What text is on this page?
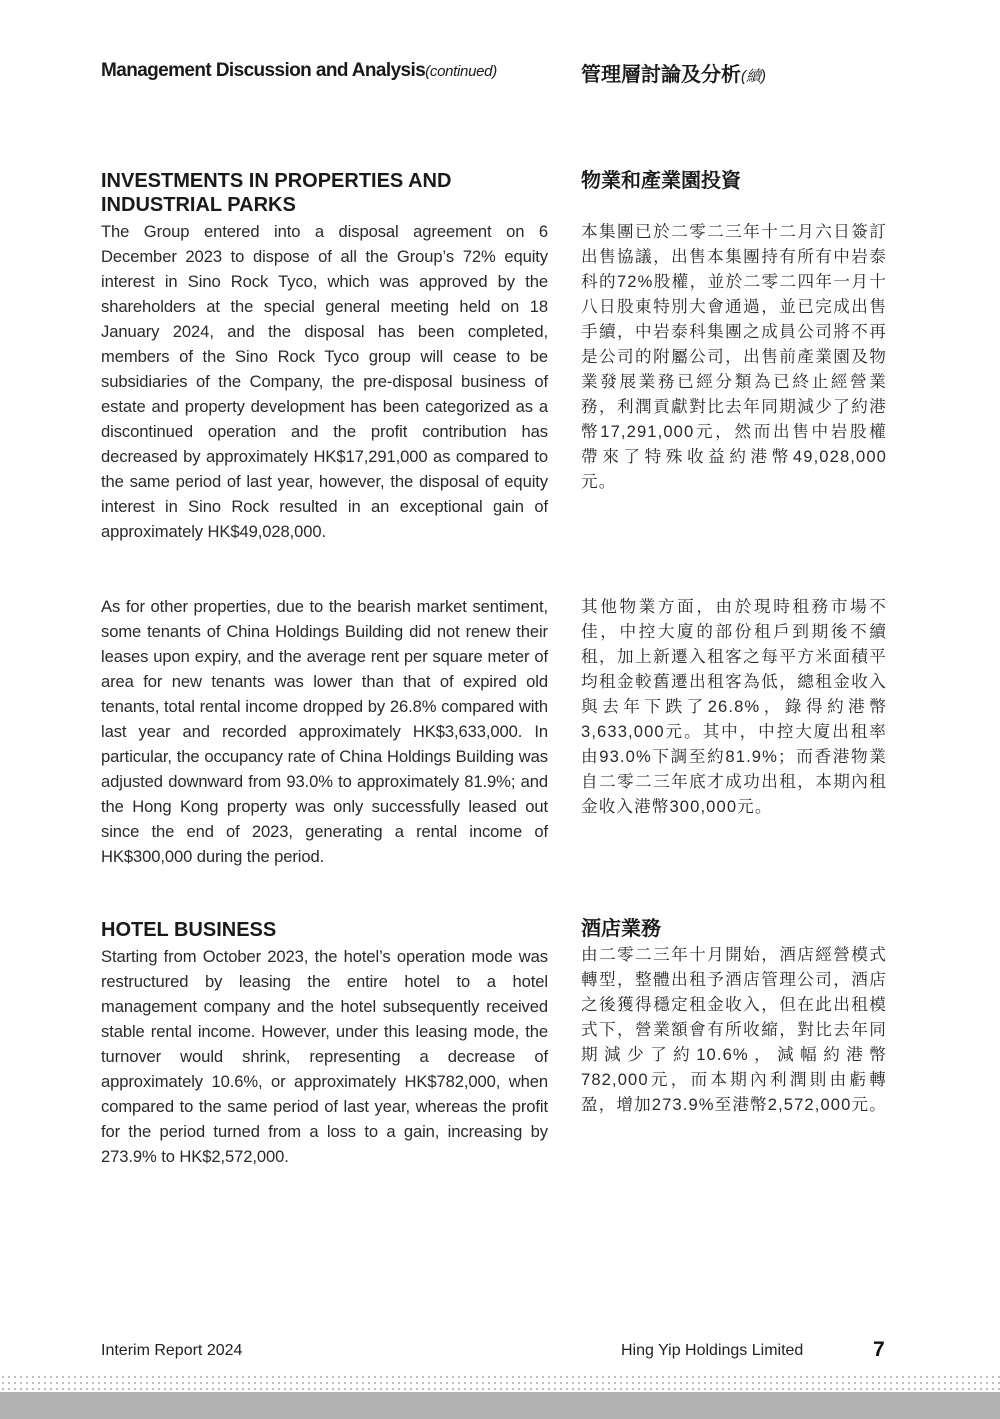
Management Discussion and Analysis(continued)	管理層討論及分析(續)
INVESTMENTS IN PROPERTIES AND
INDUSTRIAL PARKS

The Group entered into a disposal agreement on 6 December 2023 to dispose of all the Group’s 72% equity interest in Sino Rock Tyco, which was approved by the shareholders at the special general meeting held on 18 January 2024, and the disposal has been completed, members of the Sino Rock Tyco group will cease to be subsidiaries of the Company, the pre-disposal business of estate and property development has been categorized as a discontinued operation and the profit contribution has decreased by approximately HK$17,291,000 as compared to the same period of last year, however, the disposal of equity interest in Sino Rock resulted in an exceptional gain of approximately HK$49,028,000.

As for other properties, due to the bearish market sentiment, some tenants of China Holdings Building did not renew their leases upon expiry, and the average rent per square meter of area for new tenants was lower than that of expired old tenants, total rental income dropped by 26.8% compared with last year and recorded approximately HK$3,633,000. In particular, the occupancy rate of China Holdings Building was adjusted downward from 93.0% to approximately 81.9%; and the Hong Kong property was only successfully leased out since the end of 2023, generating a rental income of HK$300,000 during the period.

物業和產業園投資

本集團已於二零二三年十二月六日簽訂出售協議，出售本集團持有所有中岩泰科的72%股權，並於二零二四年一月十八日股東特別大會通過，並已完成出售手續，中岩泰科集團之成員公司將不再是公司的附屬公司，出售前產業園及物業發展業務已經分類為已終止經營業務，利潤貢獻對比去年同期減少了約港幣17,291,000元，然而出售中岩股權帶來了特殊收益約港幣49,028,000元。

其他物業方面，由於現時租務市場不佳，中控大廈的部份租戶到期後不續租，加上新遷入租客之每平方米面積平均租金較舊遷出租客為低，總租金收入與去年下跌了26.8%，錄得約港幣3,633,000元。其中，中控大廈出租率由93.0%下調至約81.9%；而香港物業自二零二三年底才成功出租，本期內租金收入港幣300,000元。

HOTEL BUSINESS

Starting from October 2023, the hotel’s operation mode was restructured by leasing the entire hotel to a hotel management company and the hotel subsequently received stable rental income. However, under this leasing mode, the turnover would shrink, representing a decrease of approximately 10.6%, or approximately HK$782,000, when compared to the same period of last year, whereas the profit for the period turned from a loss to a gain, increasing by 273.9% to HK$2,572,000.

酒店業務

由二零二三年十月開始，酒店經營模式轉型，整體出租予酒店管理公司，酒店之後獲得穩定租金收入，但在此出租模式下，營業額會有所收縮，對比去年同期減少了約10.6%，減幅約港幣782,000元，而本期內利潤則由虧轉盈，增加273.9%至港幣2,572,000元。

Interim Report 2024	Hing Yip Holdings Limited	7
